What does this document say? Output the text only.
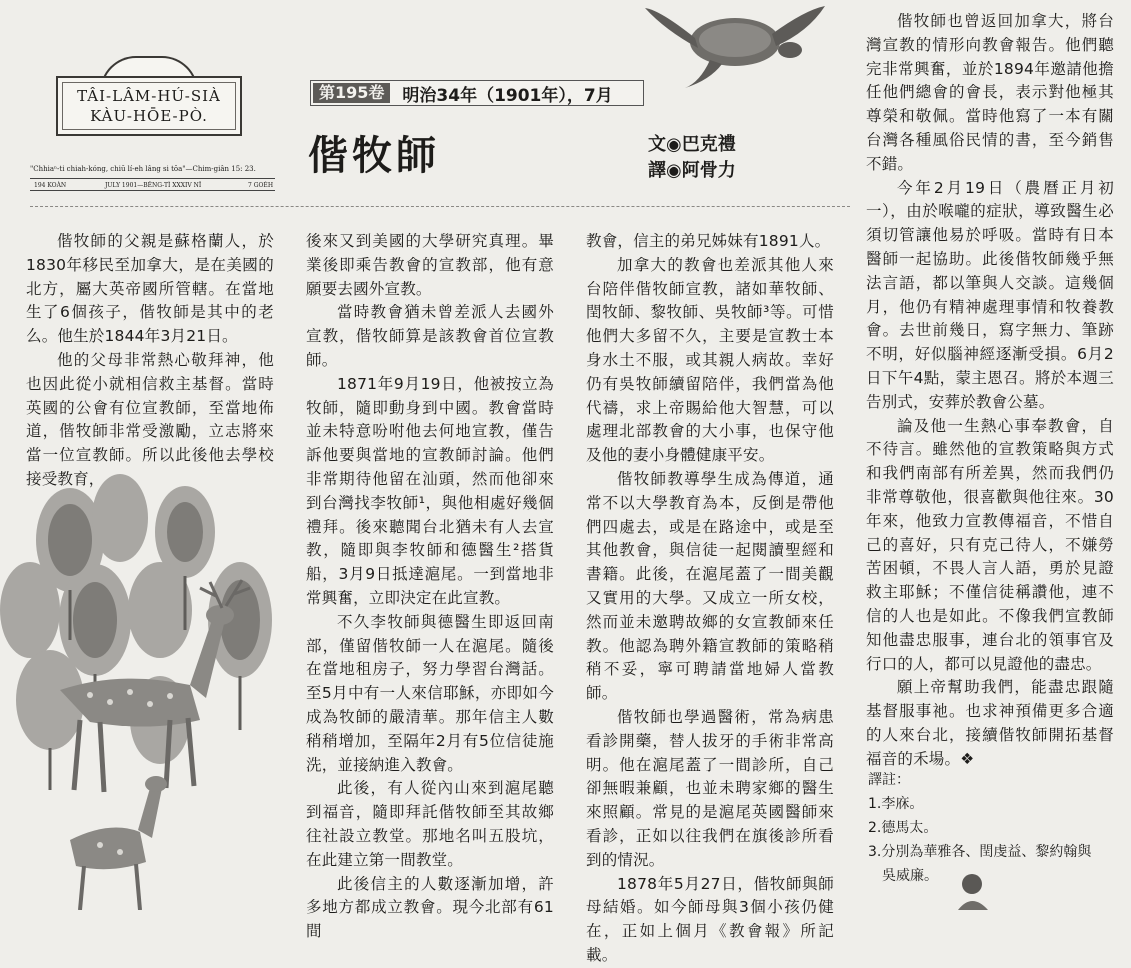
TÂI-LÂM-HÚ-SIÀ
KÀU-HŌE-PÒ.
"Chhiaⁿ-ti chiah-kóng, chiū lí-eh lâng si tōa"—Chim-giân 15: 23.
194 KOÀN	JULY 1901—BÊNG-TÌ XXXIV NÎ	7 GOÉH
第195卷	明治34年（1901年），7月
偕牧師	文◉巴克禮
譯◉阿骨力

偕牧師的父親是蘇格蘭人，於1830年移民至加拿大，是在美國的北方，屬大英帝國所管轄。在當地生了6個孩子，偕牧師是其中的老么。他生於1844年3月21日。

他的父母非常熱心敬拜神，他也因此從小就相信救主基督。當時英國的公會有位宣教師，至當地佈道，偕牧師非常受激勵，立志將來當一位宣教師。所以此後他去學校接受教育，

後來又到美國的大學研究真理。畢業後即乘告教會的宣教部，他有意願要去國外宣教。

當時教會猶未曾差派人去國外宣教，偕牧師算是該教會首位宣教師。

1871年9月19日，他被按立為牧師，隨即動身到中國。教會當時並未特意吩咐他去何地宣教，僅告訴他要與當地的宣教師討論。他們非常期待他留在汕頭，然而他卻來到台灣找李牧師¹，與他相處好幾個禮拜。後來聽聞台北猶未有人去宣教，隨即與李牧師和德醫生²搭貨船，3月9日抵達滬尾。一到當地非常興奮，立即決定在此宣教。

不久李牧師與德醫生即返回南部，僅留偕牧師一人在滬尾。隨後在當地租房子，努力學習台灣話。至5月中有一人來信耶穌，亦即如今成為牧師的嚴清華。那年信主人數稍稍增加，至隔年2月有5位信徒施洗，並接納進入教會。

此後，有人從內山來到滬尾聽到福音，隨即拜託偕牧師至其故鄉往社設立教堂。那地名叫五股坑，在此建立第一間教堂。

此後信主的人數逐漸加增，許多地方都成立教會。現今北部有61間

教會，信主的弟兄姊妹有1891人。

加拿大的教會也差派其他人來台陪伴偕牧師宣教，諸如華牧師、閏牧師、黎牧師、吳牧師³等。可惜他們大多留不久，主要是宣教士本身水土不服，或其親人病故。幸好仍有吳牧師續留陪伴，我們當為他代禱，求上帝賜給他大智慧，可以處理北部教會的大小事，也保守他及他的妻小身體健康平安。

偕牧師教導學生成為傳道，通常不以大學教育為本，反倒是帶他們四處去，或是在路途中，或是至其他教會，與信徒一起閱讀聖經和書籍。此後，在滬尾蓋了一間美觀又實用的大學。又成立一所女校，然而並未邀聘故鄉的女宣教師來任教。他認為聘外籍宣教師的策略稍稍不妥，寧可聘請當地婦人當教師。

偕牧師也學過醫術，常為病患看診開藥，替人拔牙的手術非常高明。他在滬尾蓋了一間診所，自己卻無暇兼顧，也並未聘家鄉的醫生來照顧。常見的是滬尾英國醫師來看診，正如以往我們在旗後診所看到的情況。

1878年5月27日，偕牧師與師母結婚。如今師母與3個小孩仍健在，正如上個月《教會報》所記載。

偕牧師也曾返回加拿大，將台灣宣教的情形向教會報告。他們聽完非常興奮，並於1894年邀請他擔任他們總會的會長，表示對他極其尊榮和敬佩。當時他寫了一本有關台灣各種風俗民情的書，至今銷售不錯。

今年2月19日（農曆正月初一），由於喉嚨的症狀，導致醫生必須切管讓他易於呼吸。當時有日本醫師一起協助。此後偕牧師幾乎無法言語，都以筆與人交談。這幾個月，他仍有精神處理事情和牧養教會。去世前幾日，寫字無力、筆跡不明，好似腦神經逐漸受損。6月2日下午4點，蒙主恩召。將於本週三告別式，安葬於教會公墓。

論及他一生熱心事奉教會，自不待言。雖然他的宣教策略與方式和我們南部有所差異，然而我們仍非常尊敬他，很喜歡與他往來。30年來，他致力宣教傳福音，不惜自己的喜好，只有克己待人，不嫌勞苦困頓，不畏人言人語，勇於見證救主耶穌；不僅信徒稱讚他，連不信的人也是如此。不像我們宣教師知他盡忠服事，連台北的領事官及行口的人，都可以見證他的盡忠。

願上帝幫助我們，能盡忠跟隨基督服事祂。也求神預備更多合適的人來台北，接續偕牧師開拓基督福音的禾場。❖

譯註：
1.李庥。
2.德馬太。
3.分別為華雅各、閏虔益、黎約翰與
吳威廉。
